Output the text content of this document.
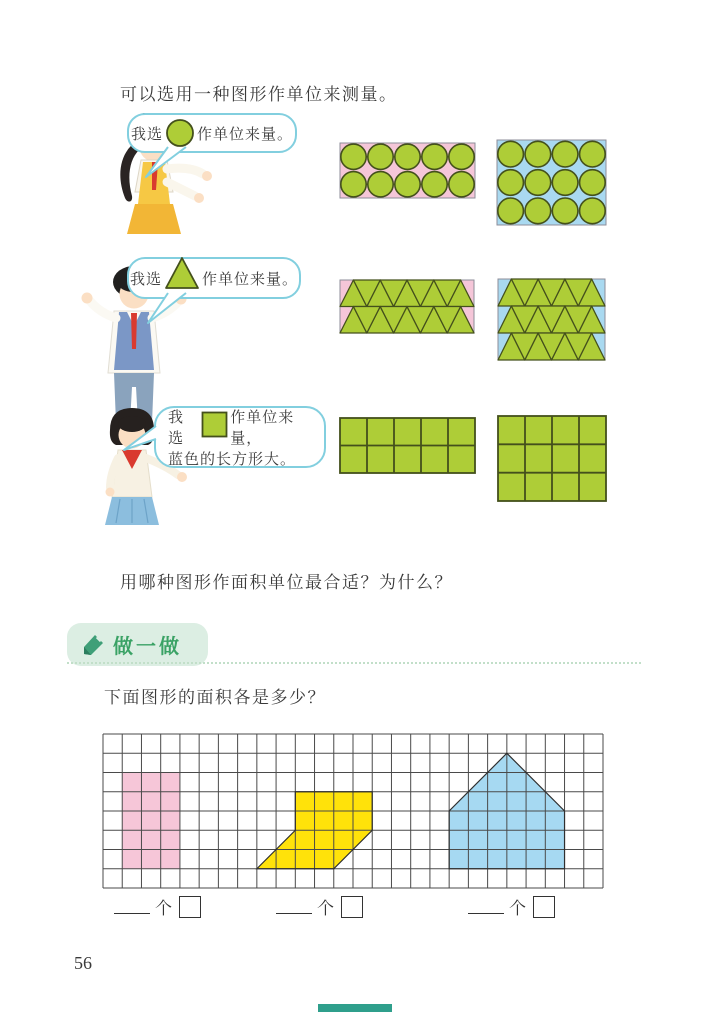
可以选用一种图形作单位来测量。
我选 作单位来量。
我选	作单位来量。
我选
作单位来量，
蓝色的长方形大。
用哪种图形作面积单位最合适？为什么？
做一做
下面图形的面积各是多少？
个	个	个
56
